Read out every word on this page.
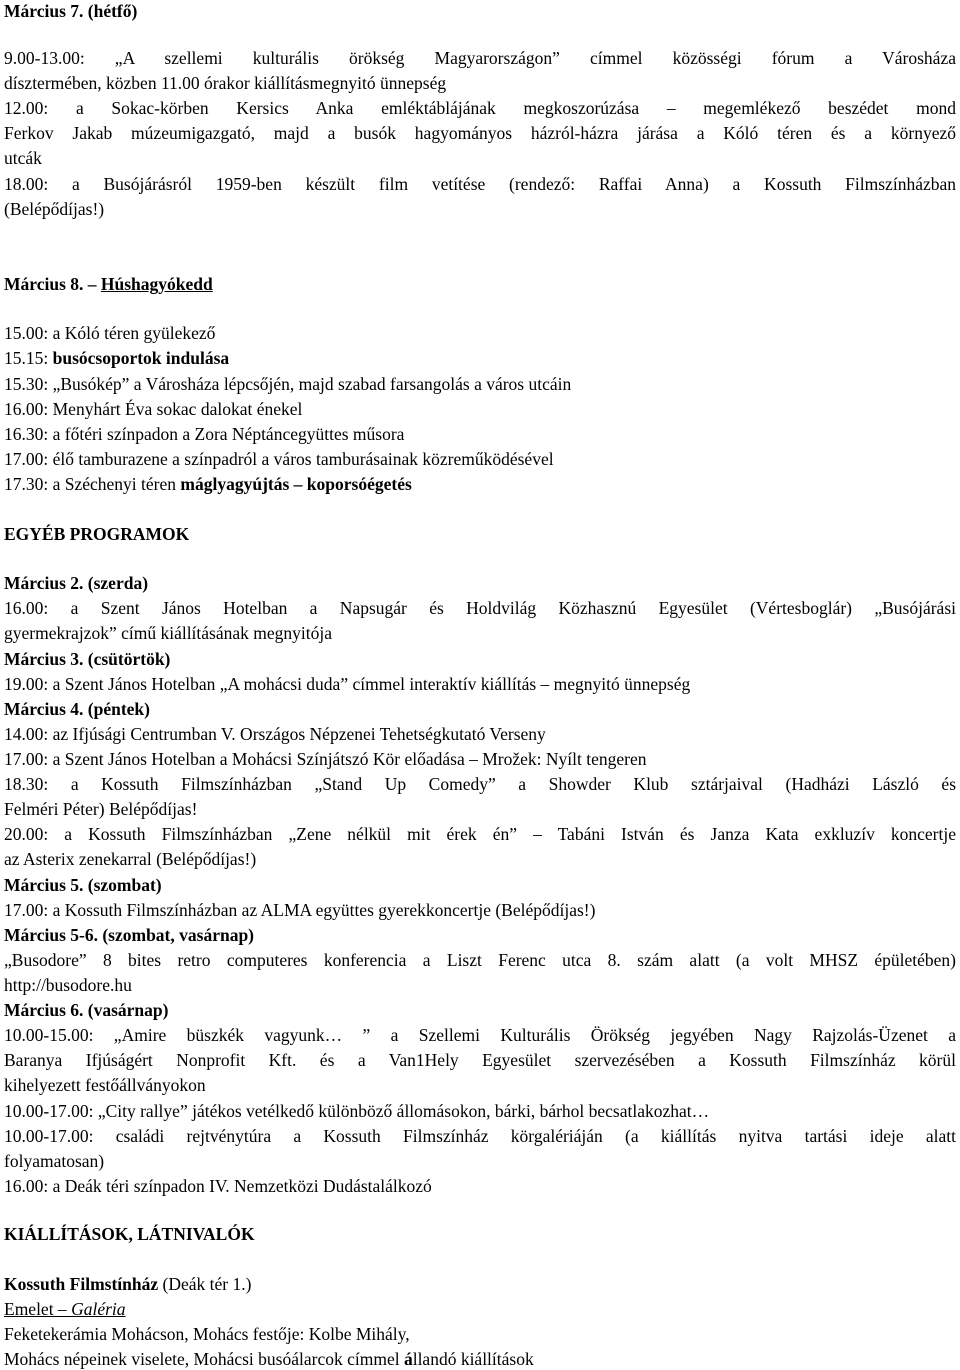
Március 7. (hétfő)
9.00-13.00: „A szellemi kulturális örökség Magyarországon” címmel közösségi fórum a Városháza
dísztermében, közben 11.00 órakor kiállításmegnyitó ünnepség
12.00: a Sokac-körben Kersics Anka emléktáblájának megkoszorúzása – megemlékező beszédet mond
Ferkov Jakab múzeumigazgató, majd a busók hagyományos házról-házra járása a Kóló téren és a környező
utcák
18.00: a Busójárásról 1959-ben készült film vetítése (rendező: Raffai Anna) a Kossuth Filmszínházban
(Belépődíjas!)
Március 8. – Húshagyókedd
15.00: a Kóló téren gyülekező
15.15: busócsoportok indulása
15.30: „Busókép” a Városháza lépcsőjén, majd szabad farsangolás a város utcáin
16.00: Menyhárt Éva sokac dalokat énekel
16.30: a főtéri színpadon a Zora Néptáncegyüttes műsora
17.00: élő tamburazene a színpadról a város tamburásainak közreműködésével
17.30: a Széchenyi téren máglyagyújtás – koporsóégetés
EGYÉB PROGRAMOK
Március 2. (szerda)
16.00: a Szent János Hotelban a Napsugár és Holdvilág Közhasznú Egyesület (Vértesboglár) „Busójárási
gyermekrajzok” című kiállításának megnyitója
Március 3. (csütörtök)
19.00: a Szent János Hotelban „A mohácsi duda” címmel interaktív kiállítás – megnyitó ünnepség
Március 4. (péntek)
14.00: az Ifjúsági Centrumban V. Országos Népzenei Tehetségkutató Verseny
17.00: a Szent János Hotelban a Mohácsi Színjátszó Kör előadása – Mrožek: Nyílt tengeren
18.30: a Kossuth Filmszínházban „Stand Up Comedy” a Showder Klub sztárjaival (Hadházi László és
Felméri Péter) Belépődíjas!
20.00: a Kossuth Filmszínházban „Zene nélkül mit érek én” – Tabáni István és Janza Kata exkluzív koncertje
az Asterix zenekarral (Belépődíjas!)
Március 5. (szombat)
17.00: a Kossuth Filmszínházban az ALMA együttes gyerekkoncertje (Belépődíjas!)
Március 5-6. (szombat, vasárnap)
„Busodore” 8 bites retro computeres konferencia a Liszt Ferenc utca 8. szám alatt (a volt MHSZ épületében)
http://busodore.hu
Március 6. (vasárnap)
10.00-15.00: „Amire büszkék vagyunk… ” a Szellemi Kulturális Örökség jegyében Nagy Rajzolás-Üzenet a
Baranya Ifjúságért Nonprofit Kft. és a Van1Hely Egyesület szervezésében a Kossuth Filmszínház körül
kihelyezett festőállványokon
10.00-17.00: „City rallye” játékos vetélkedő különböző állomásokon, bárki, bárhol becsatlakozhat…
10.00-17.00: családi rejtvénytúra a Kossuth Filmszínház körgalériáján (a kiállítás nyitva tartási ideje alatt
folyamatosan)
16.00: a Deák téri színpadon IV. Nemzetközi Dudástalálkozó
KIÁLLÍTÁSOK, LÁTNIVALÓK
Kossuth Filmstínház (Deák tér 1.)
Emelet – Galéria
Feketekerámia Mohácson, Mohács festője: Kolbe Mihály,
Mohács népeinek viselete, Mohácsi busóálarcok címmel állandó kiállítások
